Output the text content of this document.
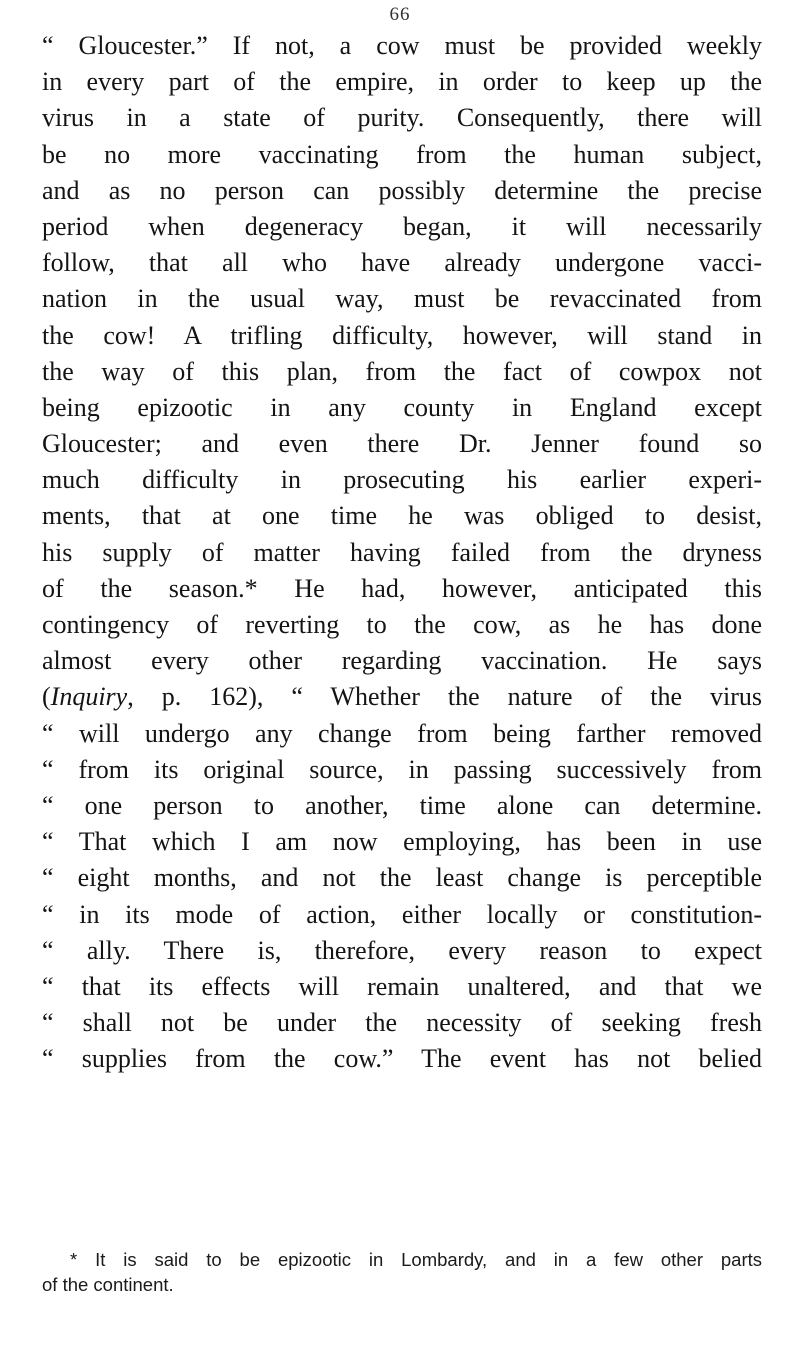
66
“ Gloucester.” If not, a cow must be provided weekly
in every part of the empire, in order to keep up the
virus in a state of purity. Consequently, there will
be no more vaccinating from the human subject,
and as no person can possibly determine the precise
period when degeneracy began, it will necessarily
follow, that all who have already undergone vacci-
nation in the usual way, must be revaccinated from
the cow! A trifling difficulty, however, will stand in
the way of this plan, from the fact of cowpox not
being epizootic in any county in England except
Gloucester; and even there Dr. Jenner found so
much difficulty in prosecuting his earlier experi-
ments, that at one time he was obliged to desist,
his supply of matter having failed from the dryness
of the season.* He had, however, anticipated this
contingency of reverting to the cow, as he has done
almost every other regarding vaccination. He says
(Inquiry, p. 162), “ Whether the nature of the virus
“ will undergo any change from being farther removed
“ from its original source, in passing successively from
“ one person to another, time alone can determine.
“ That which I am now employing, has been in use
“ eight months, and not the least change is perceptible
“ in its mode of action, either locally or constitution-
“ ally. There is, therefore, every reason to expect
“ that its effects will remain unaltered, and that we
“ shall not be under the necessity of seeking fresh
“ supplies from the cow.” The event has not belied
* It is said to be epizootic in Lombardy, and in a few other parts
of the continent.
